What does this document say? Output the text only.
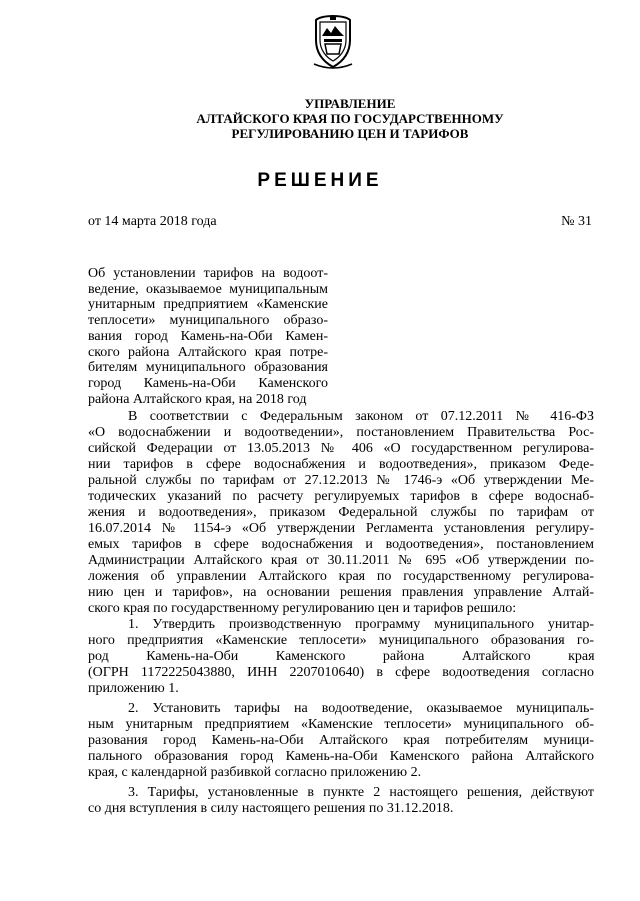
УПРАВЛЕНИЕ
АЛТАЙСКОГО КРАЯ ПО ГОСУДАРСТВЕННОМУ
РЕГУЛИРОВАНИЮ ЦЕН И ТАРИФОВ
РЕШЕНИЕ
от 14 марта 2018 года	№ 31
Об установлении тарифов на водоот-
ведение, оказываемое муниципальным
унитарным предприятием «Каменские
теплосети» муниципального образо-
вания город Камень-на-Оби Камен-
ского района Алтайского края потре-
бителям муниципального образования
город Камень-на-Оби Каменского
района Алтайского края, на 2018 год
В соответствии с Федеральным законом от 07.12.2011 № 416-ФЗ
«О водоснабжении и водоотведении», постановлением Правительства Рос-
сийской Федерации от 13.05.2013 № 406 «О государственном регулирова-
нии тарифов в сфере водоснабжения и водоотведения», приказом Феде-
ральной службы по тарифам от 27.12.2013 № 1746-э «Об утверждении Ме-
тодических указаний по расчету регулируемых тарифов в сфере водоснаб-
жения и водоотведения», приказом Федеральной службы по тарифам от
16.07.2014 № 1154-э «Об утверждении Регламента установления регулиру-
емых тарифов в сфере водоснабжения и водоотведения», постановлением
Администрации Алтайского края от 30.11.2011 № 695 «Об утверждении по-
ложения об управлении Алтайского края по государственному регулирова-
нию цен и тарифов», на основании решения правления управление Алтай-
ского края по государственному регулированию цен и тарифов решило:
1. Утвердить производственную программу муниципального унитар-
ного предприятия «Каменские теплосети» муниципального образования го-
род Камень-на-Оби Каменского района Алтайского края
(ОГРН 1172225043880, ИНН 2207010640) в сфере водоотведения согласно
приложению 1.
2. Установить тарифы на водоотведение, оказываемое муниципаль-
ным унитарным предприятием «Каменские теплосети» муниципального об-
разования город Камень-на-Оби Алтайского края потребителям муници-
пального образования город Камень-на-Оби Каменского района Алтайского
края, с календарной разбивкой согласно приложению 2.
3. Тарифы, установленные в пункте 2 настоящего решения, действуют
со дня вступления в силу настоящего решения по 31.12.2018.
